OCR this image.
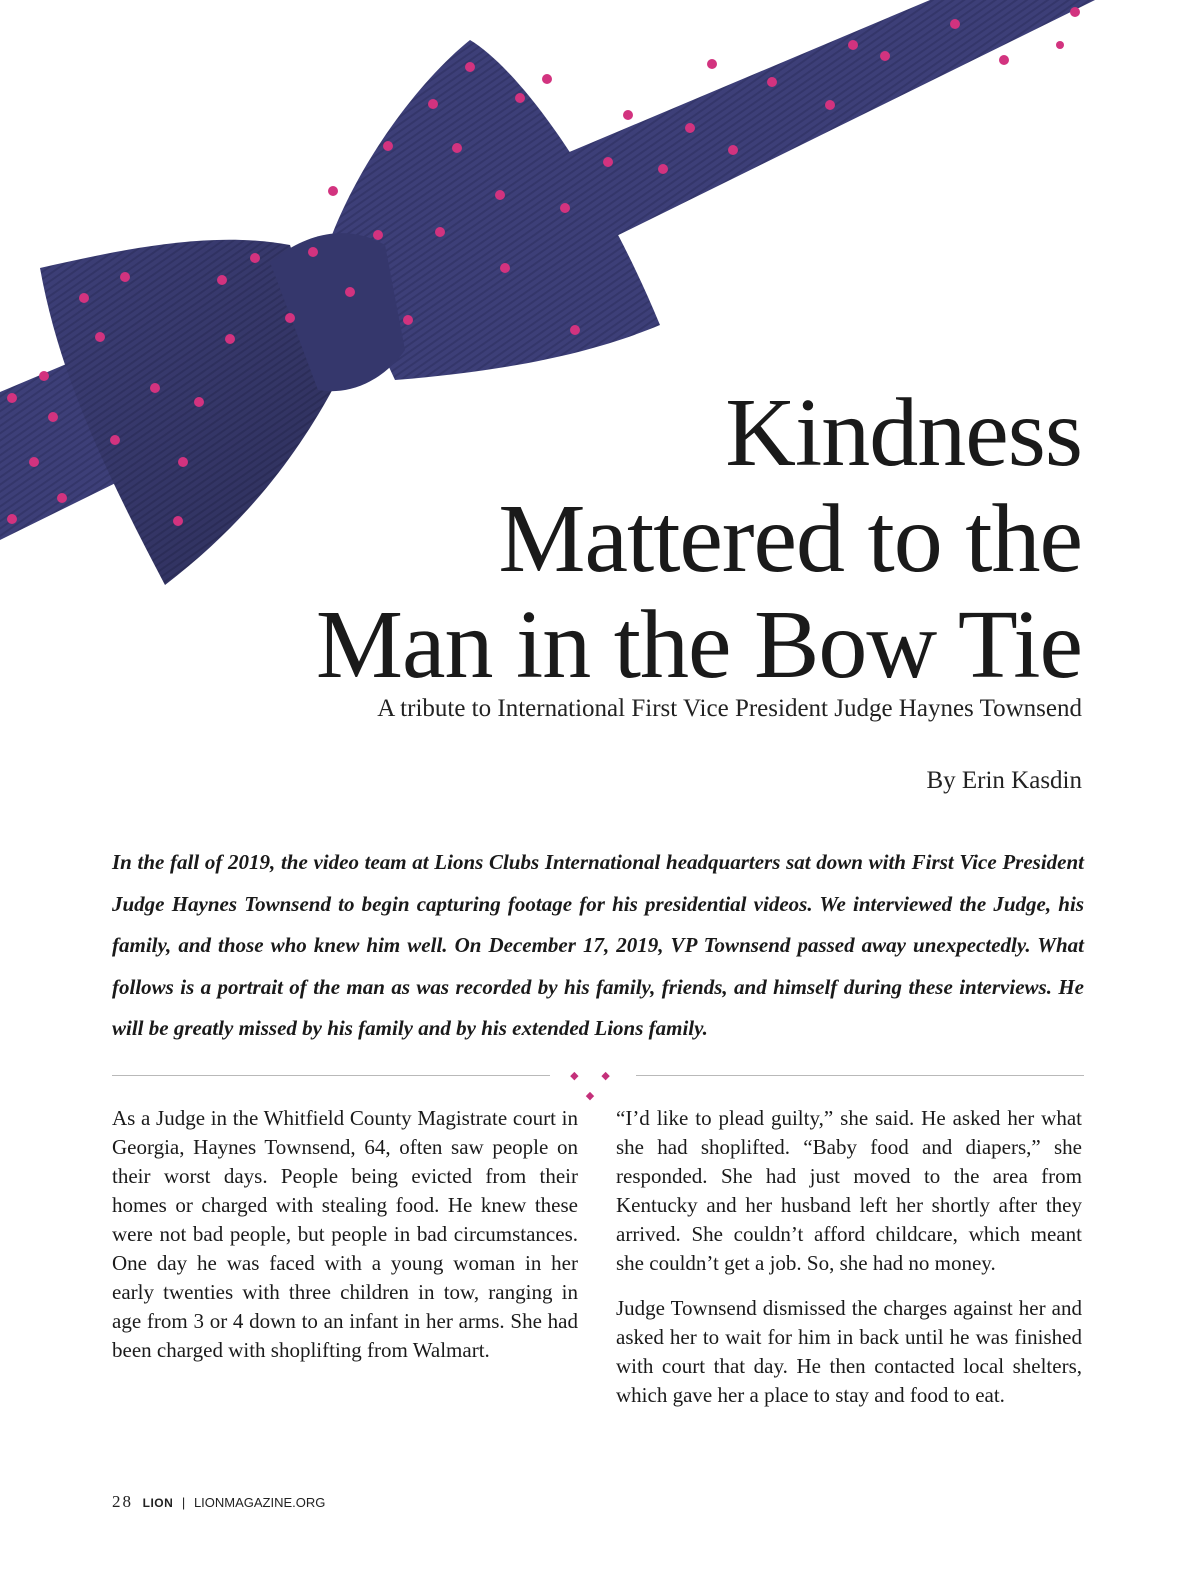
Kindness
Mattered to the
Man in the Bow Tie
A tribute to International First Vice President Judge Haynes Townsend
By Erin Kasdin

In the fall of 2019, the video team at Lions Clubs International headquarters sat down with First Vice President Judge Haynes Townsend to begin capturing footage for his presidential videos. We interviewed the Judge, his family, and those who knew him well. On December 17, 2019, VP Townsend passed away unexpectedly. What follows is a portrait of the man as was recorded by his family, friends, and himself during these interviews. He will be greatly missed by his family and by his extended Lions family.

◆ ◆ ◆

As a Judge in the Whitfield County Magistrate court in Georgia, Haynes Townsend, 64, often saw people on their worst days. People being evicted from their homes or charged with stealing food. He knew these were not bad people, but people in bad circumstances. One day he was faced with a young woman in her early twenties with three children in tow, ranging in age from 3 or 4 down to an infant in her arms. She had been charged with shoplifting from Walmart.

“I’d like to plead guilty,” she said. He asked her what she had shoplifted. “Baby food and diapers,” she responded. She had just moved to the area from Kentucky and her husband left her shortly after they arrived. She couldn’t afford childcare, which meant she couldn’t get a job. So, she had no money.

Judge Townsend dismissed the charges against her and asked her to wait for him in back until he was finished with court that day. He then contacted local shelters, which gave her a place to stay and food to eat.

28 LION | LIONMAGAZINE.ORG
